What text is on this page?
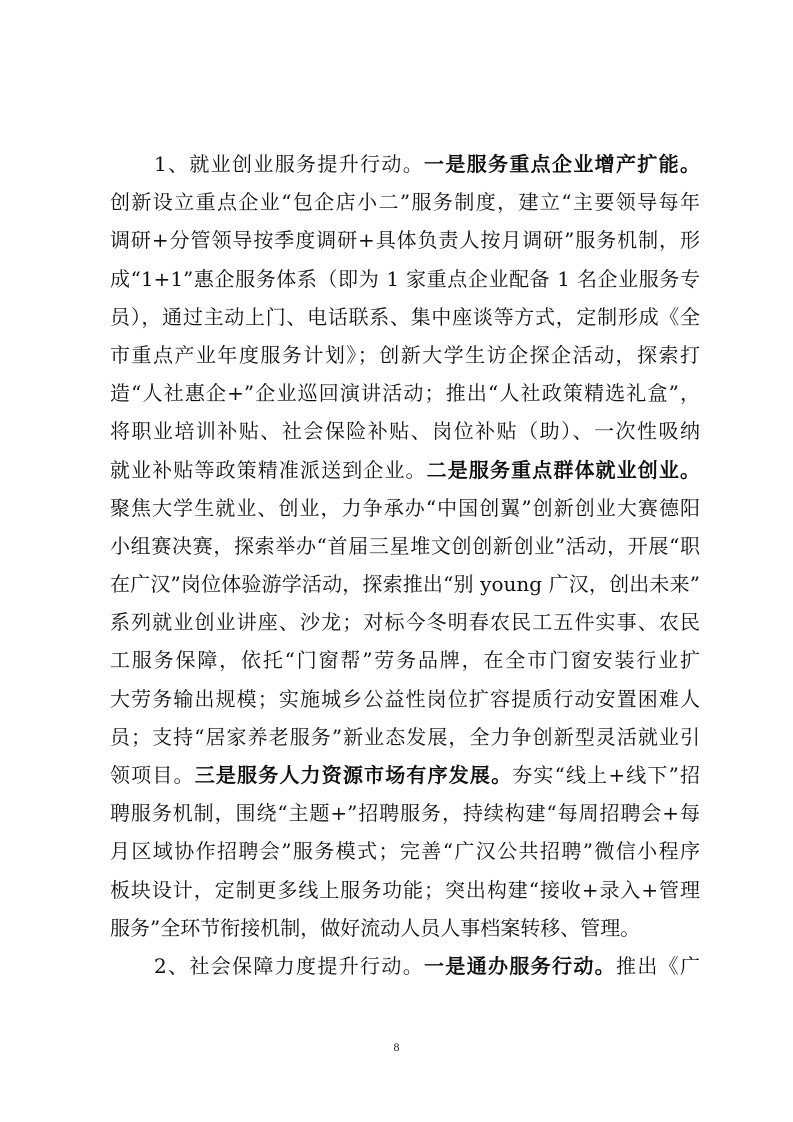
1、就业创业服务提升行动。一是服务重点企业增产扩能。
创新设立重点企业“包企店小二”服务制度，建立“主要领导每年
调研+分管领导按季度调研+具体负责人按月调研”服务机制，形
成“1+1”惠企服务体系（即为 1 家重点企业配备 1 名企业服务专
员），通过主动上门、电话联系、集中座谈等方式，定制形成《全
市重点产业年度服务计划》；创新大学生访企探企活动，探索打
造“人社惠企+”企业巡回演讲活动；推出“人社政策精选礼盒”，
将职业培训补贴、社会保险补贴、岗位补贴（助）、一次性吸纳
就业补贴等政策精准派送到企业。二是服务重点群体就业创业。
聚焦大学生就业、创业，力争承办“中国创翼”创新创业大赛德阳
小组赛决赛，探索举办“首届三星堆文创创新创业”活动，开展“职
在广汉”岗位体验游学活动，探索推出“别 young 广汉，创出未来”
系列就业创业讲座、沙龙；对标今冬明春农民工五件实事、农民
工服务保障，依托“门窗帮”劳务品牌，在全市门窗安装行业扩
大劳务输出规模；实施城乡公益性岗位扩容提质行动安置困难人
员；支持“居家养老服务”新业态发展，全力争创新型灵活就业引
领项目。三是服务人力资源市场有序发展。夯实“线上+线下”招
聘服务机制，围绕“主题+”招聘服务，持续构建“每周招聘会+每
月区域协作招聘会”服务模式；完善“广汉公共招聘”微信小程序
板块设计，定制更多线上服务功能；突出构建“接收+录入+管理
服务”全环节衔接机制，做好流动人员人事档案转移、管理。
2、社会保障力度提升行动。一是通办服务行动。推出《广
8
